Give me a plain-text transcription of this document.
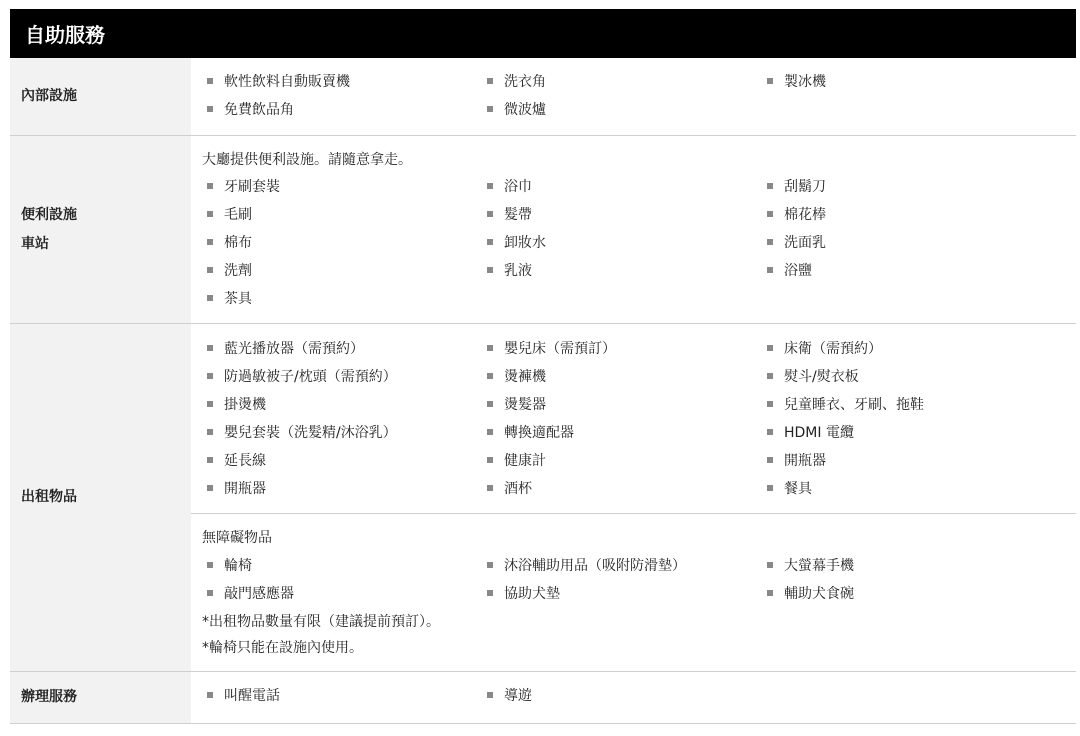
自助服務
內部設施
軟性飲料自動販賣機	洗衣角	製冰機
免費飲品角	微波爐
便利設施
車站
大廳提供便利設施。請隨意拿走。
牙刷套裝	浴巾	刮鬍刀
毛刷	髮帶	棉花棒
棉布	卸妝水	洗面乳
洗劑	乳液	浴鹽
茶具
出租物品
藍光播放器（需預約）	嬰兒床（需預訂）	床衛（需預約）
防過敏被子/枕頭（需預約）	燙褲機	熨斗/熨衣板
掛燙機	燙髮器	兒童睡衣、牙刷、拖鞋
嬰兒套裝（洗髮精/沐浴乳）	轉換適配器	HDMI 電纜
延長線	健康計	開瓶器
開瓶器	酒杯	餐具
無障礙物品
輪椅	沐浴輔助用品（吸附防滑墊）	大螢幕手機
敲門感應器	協助犬墊	輔助犬食碗
*出租物品數量有限（建議提前預訂）。
*輪椅只能在設施內使用。
辦理服務	叫醒電話	導遊
